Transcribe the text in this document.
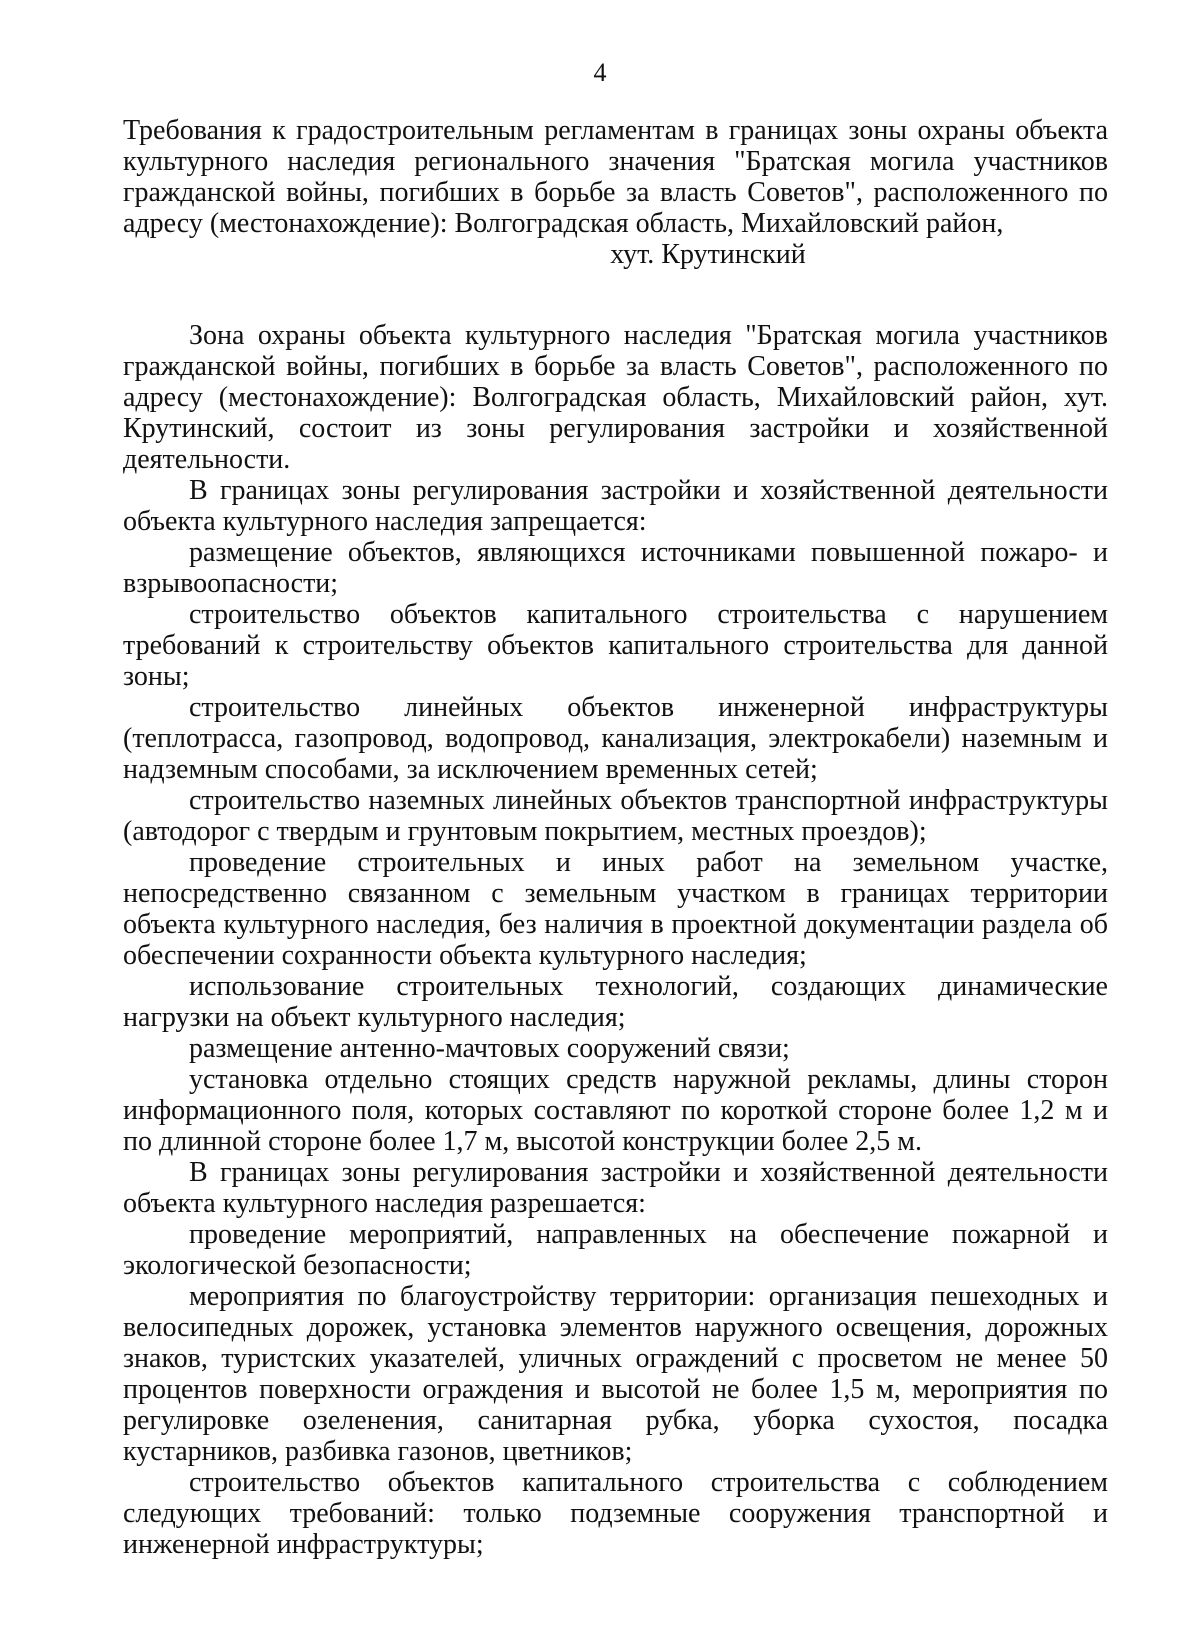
4

Требования к градостроительным регламентам в границах зоны охраны объекта культурного наследия регионального значения "Братская могила участников гражданской войны, погибших в борьбе за власть Советов", расположенного по адресу (местонахождение): Волгоградская область, Михайловский район,

хут. Крутинский

Зона охраны объекта культурного наследия "Братская могила участников гражданской войны, погибших в борьбе за власть Советов", расположенного по адресу (местонахождение): Волгоградская область, Михайловский район, хут. Крутинский, состоит из зоны регулирования застройки и хозяйственной деятельности.

В границах зоны регулирования застройки и хозяйственной деятельности объекта культурного наследия запрещается:

размещение объектов, являющихся источниками повышенной пожаро- и взрывоопасности;

строительство объектов капитального строительства с нарушением требований к строительству объектов капитального строительства для данной зоны;

строительство линейных объектов инженерной инфраструктуры (теплотрасса, газопровод, водопровод, канализация, электрокабели) наземным и надземным способами, за исключением временных сетей;

строительство наземных линейных объектов транспортной инфраструктуры (автодорог с твердым и грунтовым покрытием, местных проездов);

проведение строительных и иных работ на земельном участке, непосредственно связанном с земельным участком в границах территории объекта культурного наследия, без наличия в проектной документации раздела об обеспечении сохранности объекта культурного наследия;

использование строительных технологий, создающих динамические нагрузки на объект культурного наследия;

размещение антенно-мачтовых сооружений связи;

установка отдельно стоящих средств наружной рекламы, длины сторон информационного поля, которых составляют по короткой стороне более 1,2 м и по длинной стороне более 1,7 м, высотой конструкции более 2,5 м.

В границах зоны регулирования застройки и хозяйственной деятельности объекта культурного наследия разрешается:

проведение мероприятий, направленных на обеспечение пожарной и экологической безопасности;

мероприятия по благоустройству территории: организация пешеходных и велосипедных дорожек, установка элементов наружного освещения, дорожных знаков, туристских указателей, уличных ограждений с просветом не менее 50 процентов поверхности ограждения и высотой не более 1,5 м, мероприятия по регулировке озеленения, санитарная рубка, уборка сухостоя, посадка кустарников, разбивка газонов, цветников;

строительство объектов капитального строительства с соблюдением следующих требований: только подземные сооружения транспортной и инженерной инфраструктуры;
